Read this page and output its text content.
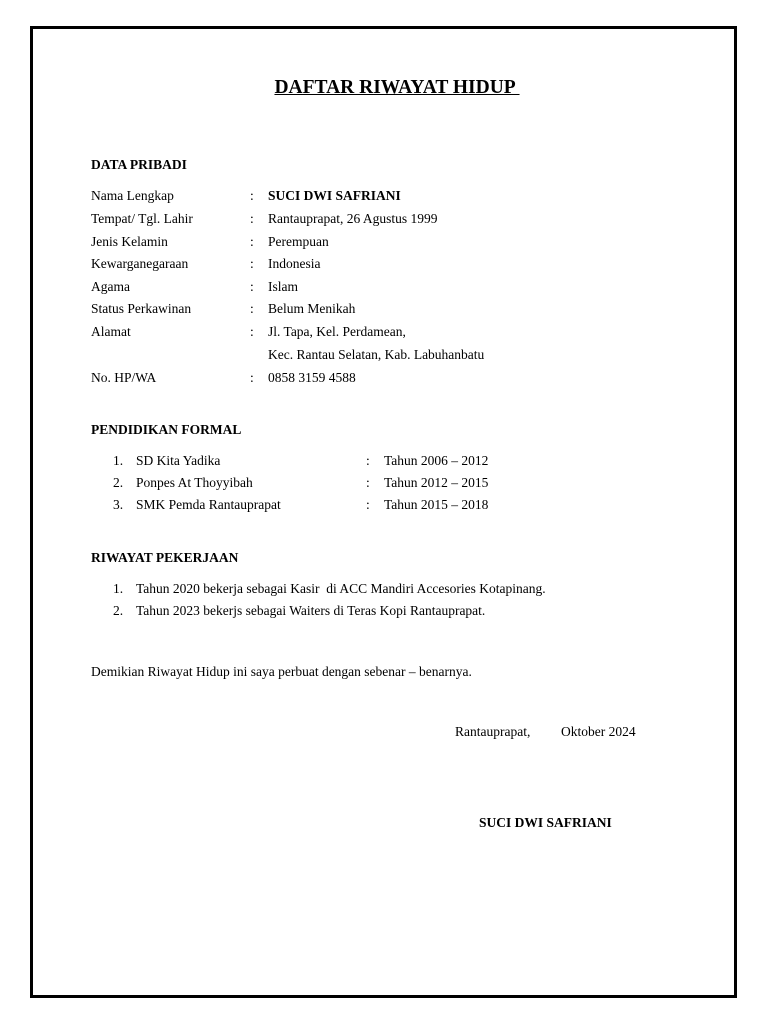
DAFTAR RIWAYAT HIDUP
DATA PRIBADI
Nama Lengkap	: SUCI DWI SAFRIANI
Tempat/ Tgl. Lahir	: Rantauprapat, 26 Agustus 1999
Jenis Kelamin	: Perempuan
Kewarganegaraan	: Indonesia
Agama	: Islam
Status Perkawinan	: Belum Menikah
Alamat	: Jl. Tapa, Kel. Perdamean,
Kec. Rantau Selatan, Kab. Labuhanbatu
No. HP/WA	: 0858 3159 4588
PENDIDIKAN FORMAL
1. SD Kita Yadika	: Tahun 2006 – 2012
2. Ponpes At Thoyyibah	: Tahun 2012 – 2015
3. SMK Pemda Rantauprapat	: Tahun 2015 – 2018
RIWAYAT PEKERJAAN
1. Tahun 2020 bekerja sebagai Kasir  di ACC Mandiri Accesories Kotapinang.
2. Tahun 2023 bekerjs sebagai Waiters di Teras Kopi Rantauprapat.
Demikian Riwayat Hidup ini saya perbuat dengan sebenar – benarnya.
Rantauprapat, Oktober 2024
SUCI DWI SAFRIANI
